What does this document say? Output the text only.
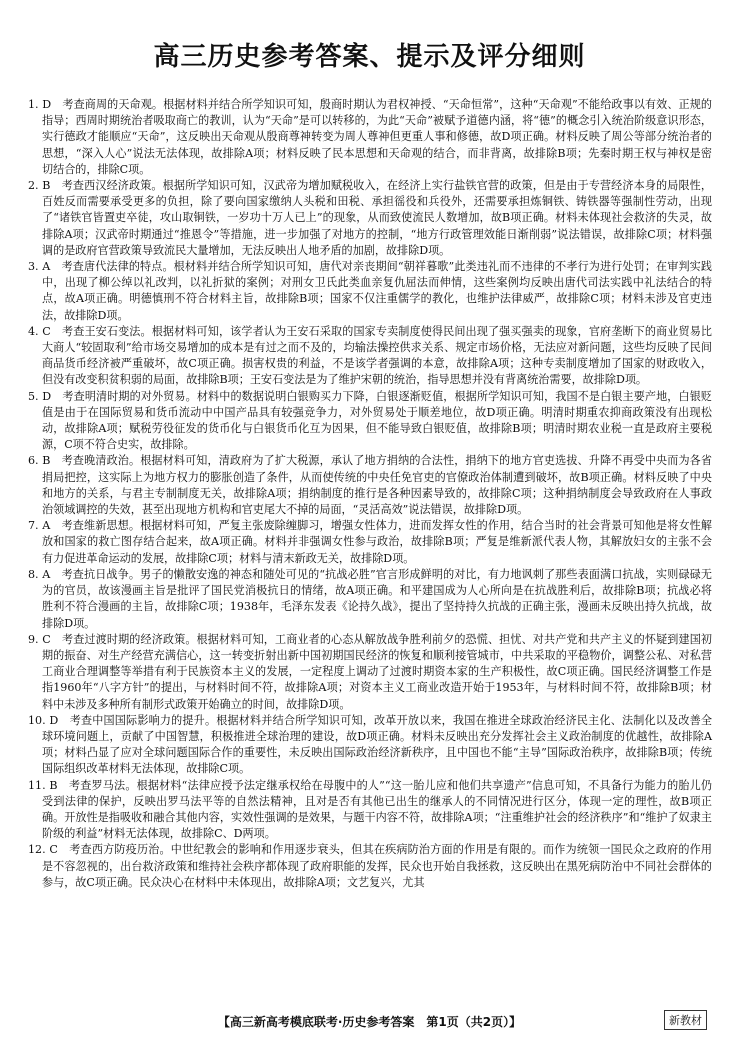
高三历史参考答案、提示及评分细则

1. D　考查商周的天命观。根据材料并结合所学知识可知，殷商时期认为君权神授、“天命恒常”，这种“天命观”不能给政事以有效、正规的指导；西周时期统治者吸取商亡的教训，认为“天命”是可以转移的，为此“天命”被赋予道德内涵，将“德”的概念引入统治阶级意识形态，实行德政才能顺应“天命”，这反映出天命观从殷商尊神转变为周人尊神但更重人事和修德，故D项正确。材料反映了周公等部分统治者的思想，“深入人心”说法无法体现，故排除A项；材料反映了民本思想和天命观的结合，而非背离，故排除B项；先秦时期王权与神权是密切结合的，排除C项。

2. B　考查西汉经济政策。根据所学知识可知，汉武帝为增加赋税收入，在经济上实行盐铁官营的政策，但是由于专营经济本身的局限性，百姓反而需要承受更多的负担，除了要向国家缴纳人头税和田税、承担徭役和兵役外，还需要承担炼铜铁、铸铁器等强制性劳动，出现了“诸铁官皆置吏卒徒，攻山取铜铁，一岁功十万人已上”的现象，从而致使流民人数增加，故B项正确。材料未体现社会救济的失灵，故排除A项；汉武帝时期通过“推恩令”等措施，进一步加强了对地方的控制，“地方行政管理效能日渐削弱”说法错误，故排除C项；材料强调的是政府官营政策导致流民大量增加，无法反映出人地矛盾的加剧，故排除D项。

3. A　考查唐代法律的特点。根材料并结合所学知识可知，唐代对亲丧期间“朝祥暮歌”此类违礼而不违律的不孝行为进行处罚；在审判实践中，出现了柳公绰以礼改判，以礼折狱的案例；对刑女卫氏此类血亲复仇屈法而伸情，这些案例均反映出唐代司法实践中礼法结合的特点，故A项正确。明德慎刑不符合材料主旨，故排除B项；国家不仅注重儒学的教化，也维护法律威严，故排除C项；材料未涉及官吏违法，故排除D项。

4. C　考查王安石变法。根据材料可知，该学者认为王安石采取的国家专卖制度使得民间出现了强买强卖的现象，官府垄断下的商业贸易比大商人“较固取利”给市场交易增加的成本是有过之而不及的，均输法操控供求关系、规定市场价格，无法应对新问题，这些均反映了民间商品货币经济被严重破坏，故C项正确。损害权贵的利益，不是该学者强调的本意，故排除A项；这种专卖制度增加了国家的财政收入，但没有改变积贫积弱的局面，故排除B项；王安石变法是为了维护宋朝的统治，指导思想并没有背离统治需要，故排除D项。

5. D　考查明清时期的对外贸易。材料中的数据说明白银购买力下降，白银逐渐贬值，根据所学知识可知，我国不是白银主要产地，白银贬值是由于在国际贸易和货币流动中中国产品具有较强竞争力，对外贸易处于顺差地位，故D项正确。明清时期重农抑商政策没有出现松动，故排除A项；赋税劳役征发的货币化与白银货币化互为因果，但不能导致白银贬值，故排除B项；明清时期农业税一直是政府主要税源，C项不符合史实，故排除。

6. B　考查晚清政治。根据材料可知，清政府为了扩大税源，承认了地方捐纳的合法性，捐纳下的地方官吏选拔、升降不再受中央而为各省捐局把控，这实际上为地方权力的膨胀创造了条件，从而使传统的中央任免官吏的官僚政治体制遭到破坏，故B项正确。材料反映了中央和地方的关系，与君主专制制度无关，故排除A项；捐纳制度的推行是各种因素导致的，故排除C项；这种捐纳制度会导致政府在人事政治领域调控的失效，甚至出现地方机构和官吏尾大不掉的局面，“灵活高效”说法错误，故排除D项。

7. A　考查维新思想。根据材料可知，严复主张废除缠脚习，增强女性体力，进而发挥女性的作用，结合当时的社会背景可知他是将女性解放和国家的救亡图存结合起来，故A项正确。材料并非强调女性参与政治，故排除B项；严复是维新派代表人物，其解放妇女的主张不会有力促进革命运动的发展，故排除C项；材料与清末新政无关，故排除D项。

8. A　考查抗日战争。男子的懒散安逸的神态和随处可见的“抗战必胜”官言形成鲜明的对比，有力地讽刺了那些表面满口抗战，实则碌碌无为的官员，故该漫画主旨是批评了国民党消极抗日的情绪，故A项正确。和平建国成为人心所向是在抗战胜利后，故排除B项；抗战必将胜利不符合漫画的主旨，故排除C项；1938年，毛泽东发表《论持久战》，提出了坚持持久抗战的正确主张，漫画未反映出持久抗战，故排除D项。

9. C　考查过渡时期的经济政策。根据材料可知，工商业者的心态从解放战争胜利前夕的恐慌、担忧、对共产党和共产主义的怀疑到建国初期的振奋、对生产经营充满信心，这一转变折射出新中国初期国民经济的恢复和顺利接管城市，中共采取的平稳物价，调整公私、对私营工商业合理调整等举措有利于民族资本主义的发展，一定程度上调动了过渡时期资本家的生产积极性，故C项正确。国民经济调整工作是指1960年“八字方针”的提出，与材料时间不符，故排除A项；对资本主义工商业改造开始于1953年，与材料时间不符，故排除B项；材料中未涉及多种所有制形式政策开始确立的时间，故排除D项。

10. D　考查中国国际影响力的提升。根据材料并结合所学知识可知，改革开放以来，我国在推进全球政治经济民主化、法制化以及改善全球环境问题上，贡献了中国智慧，积极推进全球治理的建设，故D项正确。材料未反映出充分发挥社会主义政治制度的优越性，故排除A项；材料凸显了应对全球问题国际合作的重要性，未反映出国际政治经济新秩序，且中国也不能“主导”国际政治秩序，故排除B项；传统国际组织改革材料无法体现，故排除C项。

11. B　考查罗马法。根据材料“法律应授予法定继承权给在母腹中的人”“这一胎儿应和他们共享遗产”信息可知，不具备行为能力的胎儿仍受到法律的保护，反映出罗马法平等的自然法精神，且对是否有其他已出生的继承人的不同情况进行区分，体现一定的理性，故B项正确。开放性是指吸收和融合其他内容，实效性强调的是效果，与题干内容不符，故排除A项；“注重维护社会的经济秩序”和“维护了奴隶主阶级的利益”材料无法体现，故排除C、D两项。

12. C　考查西方防疫历治。中世纪教会的影响和作用逐步衰头，但其在疾病防治方面的作用是有限的。而作为统领一国民众之政府的作用是不容忽视的，出台救济政策和维持社会秩序都体现了政府职能的发挥，民众也开始自我拯救，这反映出在黑死病防治中不同社会群体的参与，故C项正确。民众决心在材料中未体现出，故排除A项；文艺复兴，尤其

【高三新高考模底联考·历史参考答案　第1页（共2页）】	新教材
